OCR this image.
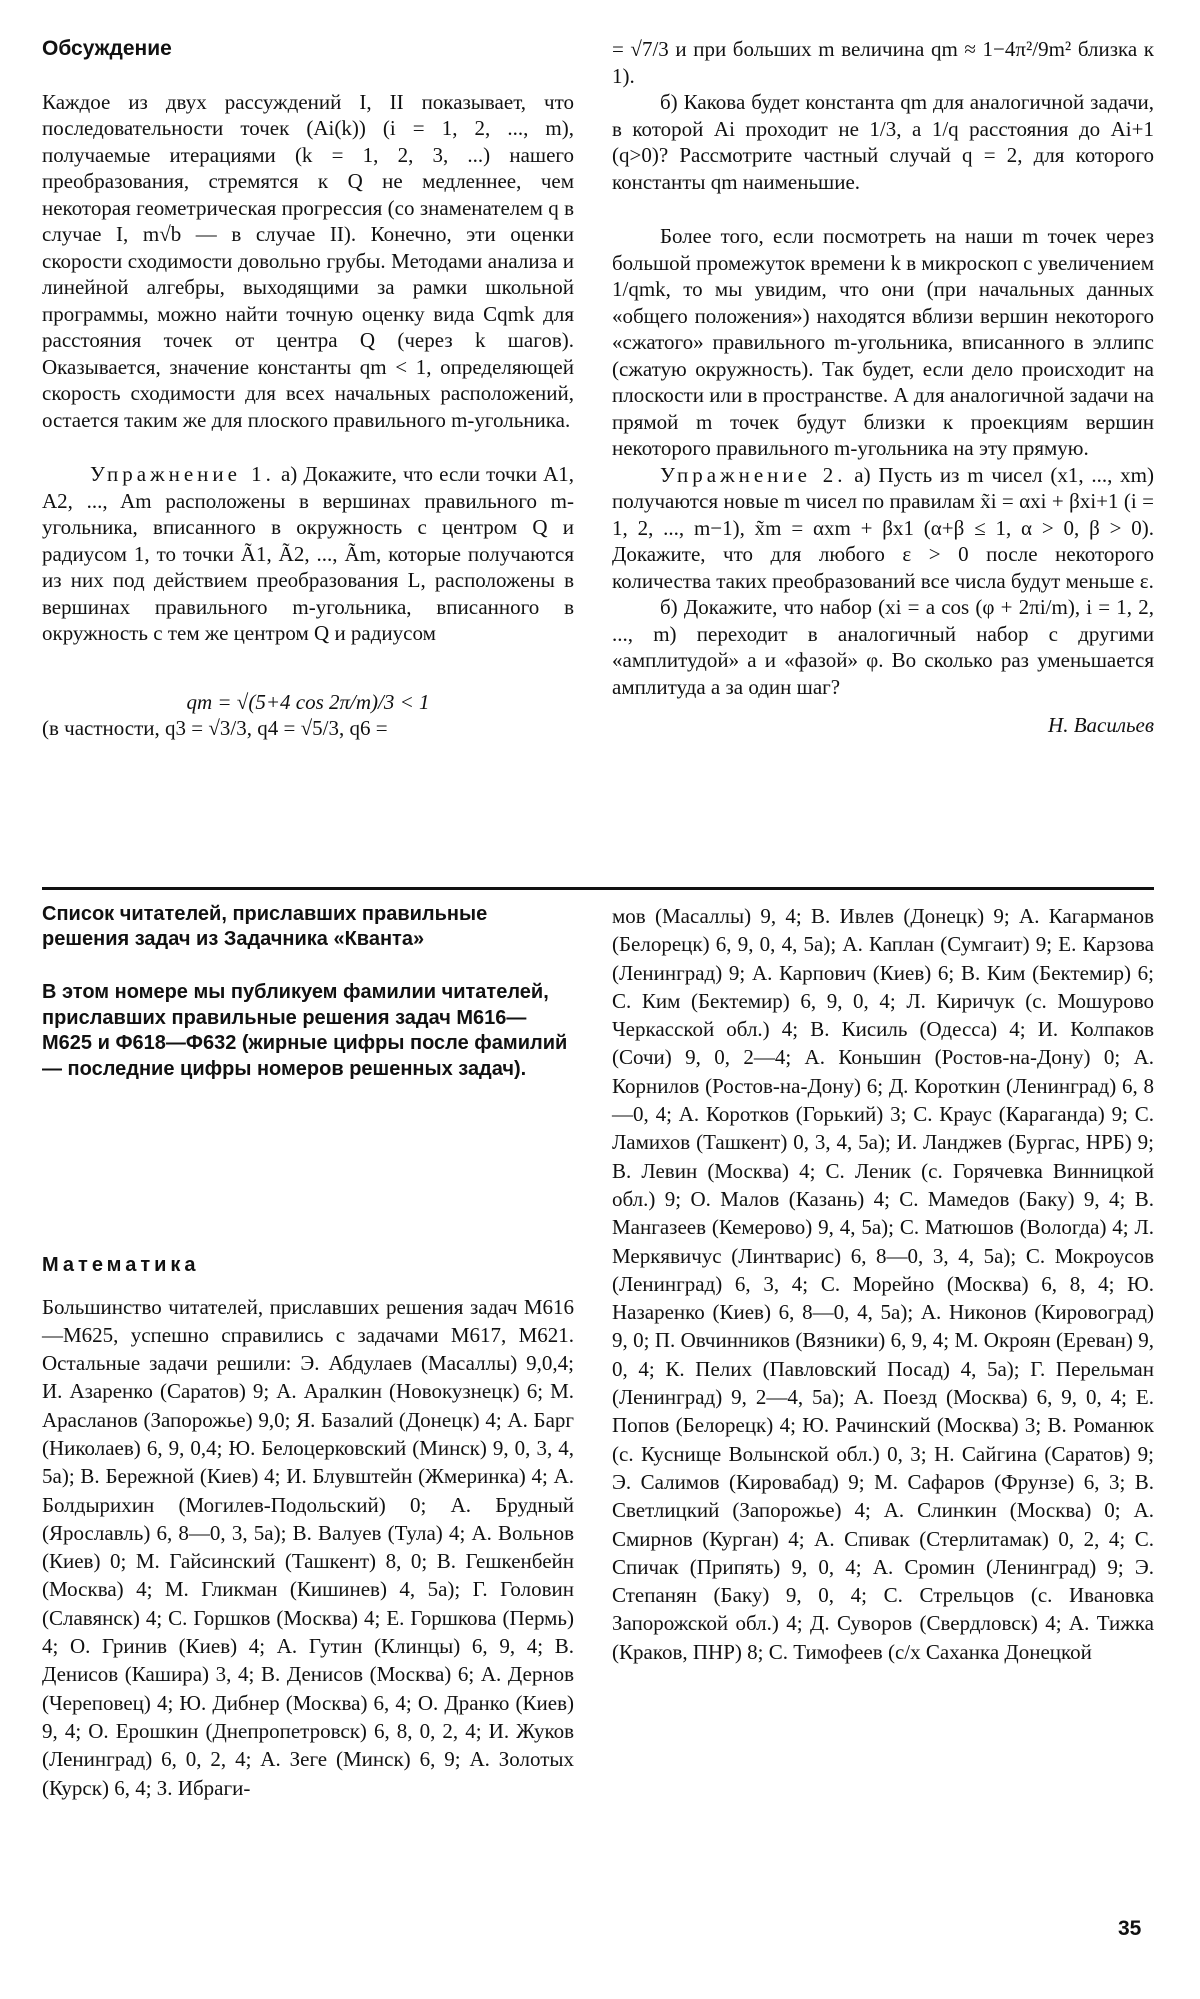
Обсуждение

Каждое из двух рассуждений I, II показывает, что последовательности точек (Ai(k)) (i = 1, 2, ..., m), получаемые итерациями (k = 1, 2, 3, ...) нашего преобразования, стремятся к Q не медленнее, чем некоторая геометрическая прогрессия (со знаменателем q в случае I, m√b — в случае II). Конечно, эти оценки скорости сходимости довольно грубы. Методами анализа и линейной алгебры, выходящими за рамки школьной программы, можно найти точную оценку вида Cqmk для расстояния точек от центра Q (через k шагов). Оказывается, значение константы qm < 1, определяющей скорость сходимости для всех начальных расположений, остается таким же для плоского правильного m-угольника.

Упражнение 1. а) Докажите, что если точки A1, A2, ..., Am расположены в вершинах правильного m-угольника, вписанного в окружность с центром Q и радиусом 1, то точки Ã1, Ã2, ..., Ãm, которые получаются из них под действием преобразования L, расположены в вершинах правильного m-угольника, вписанного в окружность с тем же центром Q и радиусом

qm = √(5+4 cos 2π/m)/3 < 1

(в частности, q3 = √3/3, q4 = √5/3, q6 =

= √7/3 и при больших m величина qm ≈ 1−4π²/9m² близка к 1).

б) Какова будет константа qm для аналогичной задачи, в которой Ai проходит не 1/3, а 1/q расстояния до Ai+1 (q>0)? Рассмотрите частный случай q = 2, для которого константы qm наименьшие.

Более того, если посмотреть на наши m точек через большой промежуток времени k в микроскоп с увеличением 1/qmk, то мы увидим, что они (при начальных данных «общего положения») находятся вблизи вершин некоторого «сжатого» правильного m-угольника, вписанного в эллипс (сжатую окружность). Так будет, если дело происходит на плоскости или в пространстве. А для аналогичной задачи на прямой m точек будут близки к проекциям вершин некоторого правильного m-угольника на эту прямую.

Упражнение 2. а) Пусть из m чисел (x1, ..., xm) получаются новые m чисел по правилам x̃i = αxi + βxi+1 (i = 1, 2, ..., m−1), x̃m = αxm + βx1 (α+β ≤ 1, α > 0, β > 0). Докажите, что для любого ε > 0 после некоторого количества таких преобразований все числа будут меньше ε.

б) Докажите, что набор (xi = a cos (φ + 2πi/m), i = 1, 2, ..., m) переходит в аналогичный набор с другими «амплитудой» a и «фазой» φ. Во сколько раз уменьшается амплитуда a за один шаг?

Н. Васильев

Список читателей, приславших правильные решения задач из Задачника «Кванта»

В этом номере мы публикуем фамилии читателей, приславших правильные решения задач М616—М625 и Ф618—Ф632 (жирные цифры после фамилий — последние цифры номеров решенных задач).

Математика

Большинство читателей, приславших решения задач М616—М625, успешно справились с задачами М617, М621. Остальные задачи решили: Э. Абдулаев (Масаллы) 9,0,4; И. Азаренко (Саратов) 9; А. Аралкин (Новокузнецк) 6; М. Арасланов (Запорожье) 9,0; Я. Базалий (Донецк) 4; А. Барг (Николаев) 6, 9, 0,4; Ю. Белоцерковский (Минск) 9, 0, 3, 4, 5а); В. Бережной (Киев) 4; И. Блувштейн (Жмеринка) 4; А. Болдырихин (Могилев-Подольский) 0; А. Брудный (Ярославль) 6, 8—0, 3, 5а); В. Валуев (Тула) 4; А. Вольнов (Киев) 0; М. Гайсинский (Ташкент) 8, 0; В. Гешкенбейн (Москва) 4; М. Гликман (Кишинев) 4, 5а); Г. Головин (Славянск) 4; С. Горшков (Москва) 4; Е. Горшкова (Пермь) 4; О. Гринив (Киев) 4; А. Гутин (Клинцы) 6, 9, 4; В. Денисов (Кашира) 3, 4; В. Денисов (Москва) 6; А. Дернов (Череповец) 4; Ю. Дибнер (Москва) 6, 4; О. Дранко (Киев) 9, 4; О. Ерошкин (Днепропетровск) 6, 8, 0, 2, 4; И. Жуков (Ленинград) 6, 0, 2, 4; А. Зеге (Минск) 6, 9; А. Золотых (Курск) 6, 4; З. Ибраги-

мов (Масаллы) 9, 4; В. Ивлев (Донецк) 9; А. Кагарманов (Белорецк) 6, 9, 0, 4, 5а); А. Каплан (Сумгаит) 9; Е. Карзова (Ленинград) 9; А. Карпович (Киев) 6; В. Ким (Бектемир) 6; С. Ким (Бектемир) 6, 9, 0, 4; Л. Киричук (с. Мошурово Черкасской обл.) 4; В. Кисиль (Одесса) 4; И. Колпаков (Сочи) 9, 0, 2—4; А. Коньшин (Ростов-на-Дону) 0; А. Корнилов (Ростов-на-Дону) 6; Д. Короткин (Ленинград) 6, 8—0, 4; А. Коротков (Горький) 3; С. Краус (Караганда) 9; С. Ламихов (Ташкент) 0, 3, 4, 5а); И. Ланджев (Бургас, НРБ) 9; В. Левин (Москва) 4; С. Леник (с. Горячевка Винницкой обл.) 9; О. Малов (Казань) 4; С. Мамедов (Баку) 9, 4; В. Мангазеев (Кемерово) 9, 4, 5а); С. Матюшов (Вологда) 4; Л. Меркявичус (Линтварис) 6, 8—0, 3, 4, 5а); С. Мокроусов (Ленинград) 6, 3, 4; С. Морейно (Москва) 6, 8, 4; Ю. Назаренко (Киев) 6, 8—0, 4, 5а); А. Никонов (Кировоград) 9, 0; П. Овчинников (Вязники) 6, 9, 4; М. Окроян (Ереван) 9, 0, 4; К. Пелих (Павловский Посад) 4, 5а); Г. Перельман (Ленинград) 9, 2—4, 5а); А. Поезд (Москва) 6, 9, 0, 4; Е. Попов (Белорецк) 4; Ю. Рачинский (Москва) 3; В. Романюк (с. Куснище Волынской обл.) 0, 3; Н. Сайгина (Саратов) 9; Э. Салимов (Кировабад) 9; М. Сафаров (Фрунзе) 6, 3; В. Светлицкий (Запорожье) 4; А. Слинкин (Москва) 0; А. Смирнов (Курган) 4; А. Спивак (Стерлитамак) 0, 2, 4; С. Спичак (Припять) 9, 0, 4; А. Сромин (Ленинград) 9; Э. Степанян (Баку) 9, 0, 4; С. Стрельцов (с. Ивановка Запорожской обл.) 4; Д. Суворов (Свердловск) 4; А. Тижка (Краков, ПНР) 8; С. Тимофеев (с/х Саханка Донецкой

35
